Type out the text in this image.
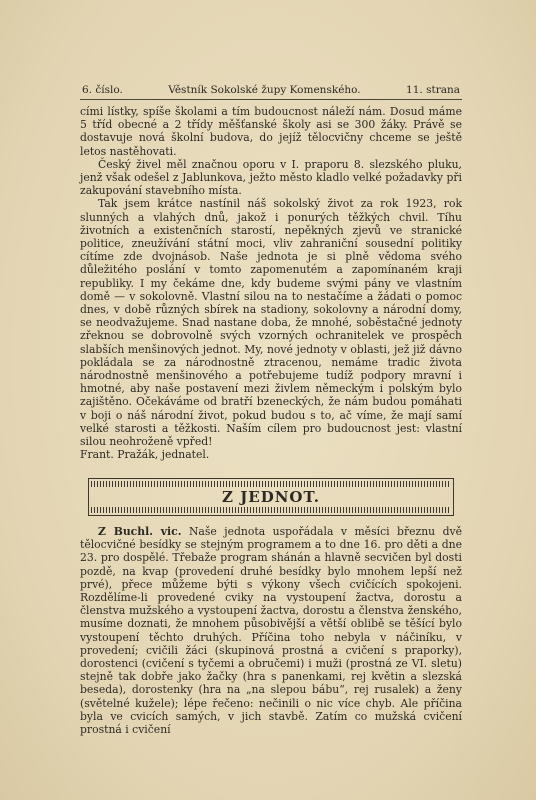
6. číslo.	Věstník Sokolské župy Komenského.	11. strana

cími lístky, spíše školami a tím budoucnost náleží nám. Dosud máme 5 tříd obecné a 2 třídy měšťanské školy asi se 300 žáky. Právě se dostavuje nová školní budova, do jejíž tělocvičny chceme se ještě letos nastěhovati.

Český živel měl značnou oporu v I. praporu 8. slezského pluku, jenž však odešel z Jablunkova, ježto město kladlo velké požadavky při zakupování stavebního místa.

Tak jsem krátce nastínil náš sokolský život za rok 1923, rok slunných a vlahých dnů, jakož i ponurých těžkých chvil. Tíhu životních a existenčních starostí, nepěkných zjevů ve stranické politice, zneužívání státní moci, vliv zahraniční sousední politiky cítíme zde dvojnásob. Naše jednota je si plně vědoma svého důležitého poslání v tomto zapomenutém a zapomínaném kraji republiky. I my čekáme dne, kdy budeme svými pány ve vlastním domě — v sokolovně. Vlastní silou na to nestačíme a žádati o pomoc dnes, v době různých sbírek na stadiony, sokolovny a národní domy, se neodvažujeme. Snad nastane doba, že mnohé, soběstačné jednoty zřeknou se dobrovolně svých vzorných ochranitelek ve prospěch slabších menšinových jednot. My, nové jednoty v oblasti, jež již dávno pokládala se za národnostně ztracenou, nemáme tradic života národnostně menšinového a potřebujeme tudíž podpory mravní i hmotné, aby naše postavení mezi živlem německým i polským bylo zajištěno. Očekáváme od bratří bzeneckých, že nám budou pomáhati v boji o náš národní život, pokud budou s to, ač víme, že mají samí velké starosti a těžkosti. Naším cílem pro budoucnost jest: vlastní silou neohroženě vpřed!

Frant. Pražák, jednatel.

Z JEDNOT.

Z Buchl. vic. Naše jednota uspořádala v měsíci březnu dvě tělocvičné besídky se stejným programem a to dne 16. pro děti a dne 23. pro dospělé. Třebaže program shánán a hlavně secvičen byl dosti pozdě, na kvap (provedení druhé besídky bylo mnohem lepší než prvé), přece můžeme býti s výkony všech cvičících spokojeni. Rozdělíme-li provedené cviky na vystoupení žactva, dorostu a členstva mužského a vystoupení žactva, dorostu a členstva ženského, musíme doznati, že mnohem působivější a větší oblibě se těšící bylo vystoupení těchto druhých. Příčina toho nebyla v náčiníku, v provedení; cvičili žáci (skupinová prostná a cvičení s praporky), dorostenci (cvičení s tyčemi a obručemi) i muži (prostná ze VI. sletu) stejně tak dobře jako žačky (hra s panenkami, rej květin a slezská beseda), dorostenky (hra na „na slepou bábu“, rej rusalek) a ženy (světelné kužele); lépe řečeno: nečinili o nic více chyb. Ale příčina byla ve cvicích samých, v jich stavbě. Zatím co mužská cvičení prostná i cvičení
